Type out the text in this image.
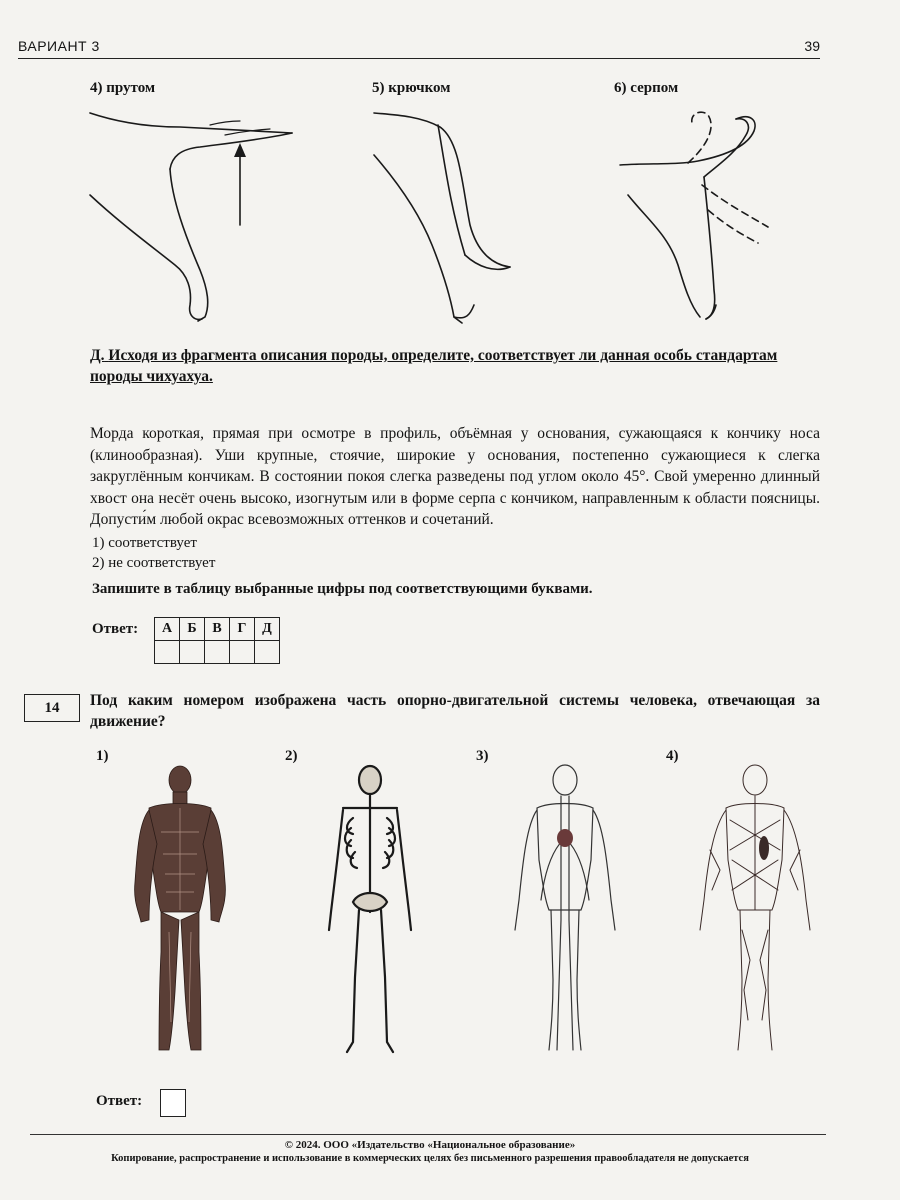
ВАРИАНТ 3	39
4) прутом	5) крючком	6) серпом
Д. Исходя из фрагмента описания породы, определите, соответствует ли данная особь стандартам породы чихуахуа.
Морда короткая, прямая при осмотре в профиль, объёмная у основания, сужающаяся к кончику носа (клинообразная). Уши крупные, стоячие, широкие у основания, постепенно сужающиеся к слегка закруглённым кончикам. В состоянии покоя слегка разведены под углом около 45°. Свой умеренно длинный хвост она несёт очень высоко, изогнутым или в форме серпа с кончиком, направленным к области поясницы. Допусти́м любой окрас всевозможных оттенков и сочетаний.
1) соответствует
2) не соответствует
Запишите в таблицу выбранные цифры под соответствующими буквами.
Ответ: А	Б	В	Г	Д

14	Под каким номером изображена часть опорно-двигательной системы человека, отвечающая за движение?
1)	2)	3)	4)
Ответ:
© 2024. ООО «Издательство «Национальное образование»
Копирование, распространение и использование в коммерческих целях без письменного разрешения правообладателя не допускается
